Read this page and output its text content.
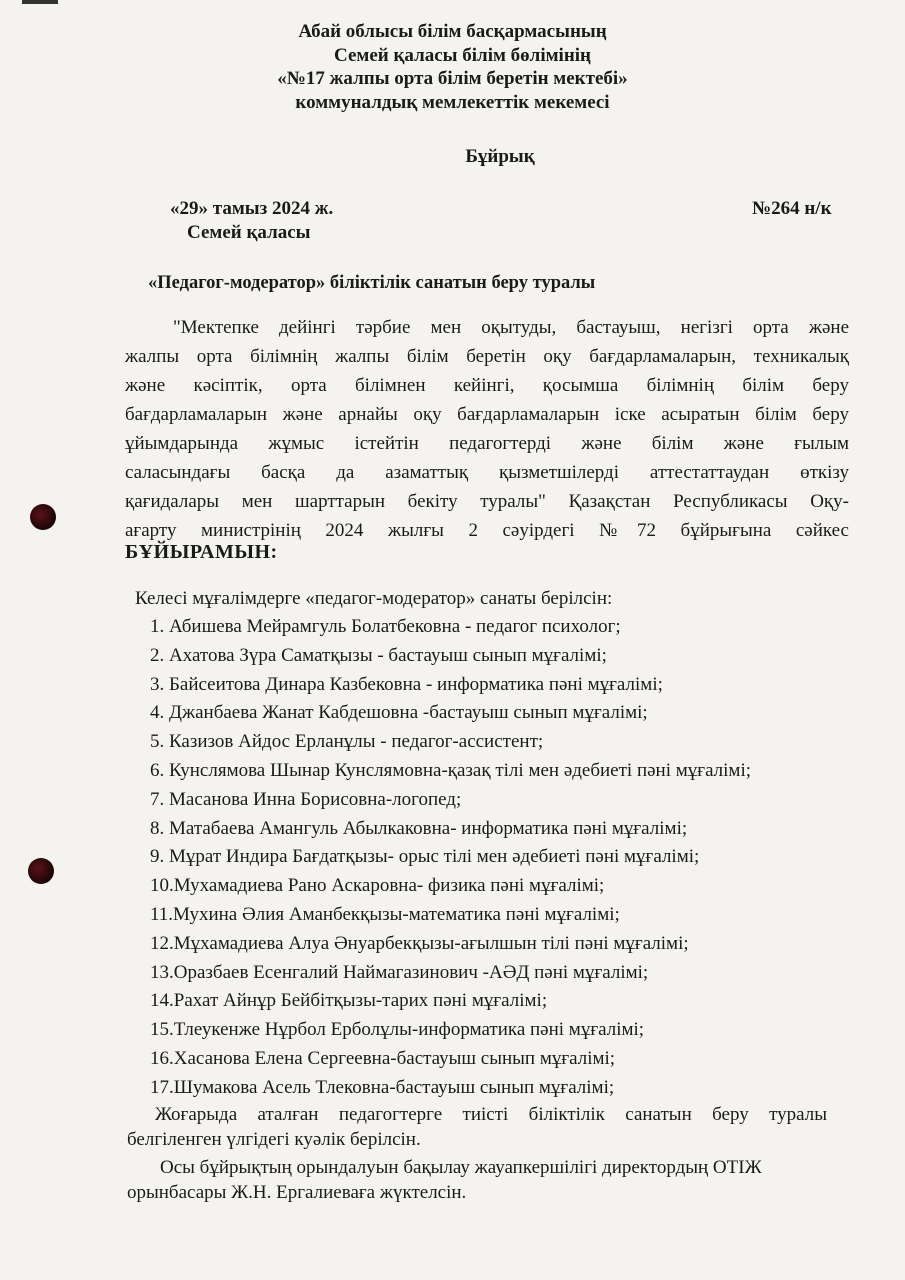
Абай облысы білім басқармасының
Семей қаласы білім бөлімінің
«№17 жалпы орта білім беретін мектебі»
коммуналдық мемлекеттік мекемесі
Бұйрық
«29» тамыз 2024 ж.	№264 н/к
Семей қаласы
«Педагог-модератор» біліктілік санатын беру туралы
"Мектепке дейінгі тәрбие мен оқытуды, бастауыш, негізгі орта және
жалпы орта білімнің жалпы білім беретін оқу бағдарламаларын, техникалық
және кәсіптік, орта білімнен кейінгі, қосымша білімнің білім беру
бағдарламаларын және арнайы оқу бағдарламаларын іске асыратын білім беру
ұйымдарында жұмыс істейтін педагогтерді және білім және ғылым
саласындағы басқа да азаматтық қызметшілерді аттестаттаудан өткізу
қағидалары мен шарттарын бекіту туралы" Қазақстан Республикасы Оқу-
ағарту министрінің 2024 жылғы 2 сәуірдегі №72 бұйрығына сәйкес
БҰЙЫРАМЫН:
Келесі мұғалімдерге «педагог-модератор» санаты берілсін:
1. Абишева Мейрамгуль Болатбековна - педагог психолог;
2. Ахатова Зүра Саматқызы - бастауыш сынып мұғалімі;
3. Байсеитова Динара Казбековна - информатика пәні мұғалімі;
4. Джанбаева Жанат Кабдешовна -бастауыш сынып мұғалімі;
5. Казизов Айдос Ерланұлы - педагог-ассистент;
6. Кунслямова Шынар Кунслямовна-қазақ тілі мен әдебиеті пәні мұғалімі;
7. Масанова Инна Борисовна-логопед;
8. Матабаева Амангуль Абылкаковна- информатика пәні мұғалімі;
9. Мұрат Индира Бағдатқызы- орыс тілі мен әдебиеті пәні мұғалімі;
10.Мухамадиева Рано Аскаровна- физика пәні мұғалімі;
11.Мухина Әлия Аманбекқызы-математика пәні мұғалімі;
12.Мұхамадиева Алуа Әнуарбекқызы-ағылшын тілі пәні мұғалімі;
13.Оразбаев Есенгалий Наймагазинович -АӘД пәні мұғалімі;
14.Рахат Айнұр Бейбітқызы-тарих пәні мұғалімі;
15.Тлеукенже Нұрбол Ерболұлы-информатика пәні мұғалімі;
16.Хасанова Елена Сергеевна-бастауыш сынып мұғалімі;
17.Шумакова Асель Тлековна-бастауыш сынып мұғалімі;
Жоғарыда аталған педагогтерге тиісті біліктілік санатын беру туралы
белгіленген үлгідегі куәлік берілсін.
Осы бұйрықтың орындалуын бақылау жауапкершілігі директордың ОТІЖ
орынбасары Ж.Н. Ергалиеваға жүктелсін.
